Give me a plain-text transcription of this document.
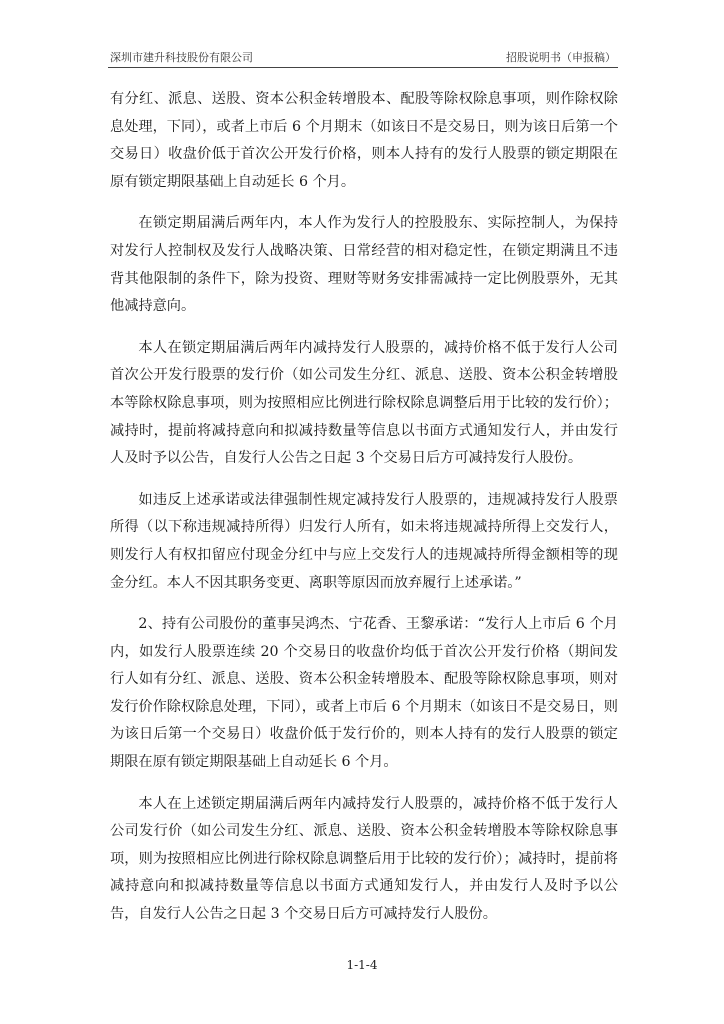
深圳市建升科技股份有限公司	招股说明书（申报稿）

有分红、派息、送股、资本公积金转增股本、配股等除权除息事项，则作除权除息处理，下同），或者上市后 6 个月期末（如该日不是交易日，则为该日后第一个交易日）收盘价低于首次公开发行价格，则本人持有的发行人股票的锁定期限在原有锁定期限基础上自动延长 6 个月。

在锁定期届满后两年内，本人作为发行人的控股股东、实际控制人，为保持对发行人控制权及发行人战略决策、日常经营的相对稳定性，在锁定期满且不违背其他限制的条件下，除为投资、理财等财务安排需减持一定比例股票外，无其他减持意向。

本人在锁定期届满后两年内减持发行人股票的，减持价格不低于发行人公司首次公开发行股票的发行价（如公司发生分红、派息、送股、资本公积金转增股本等除权除息事项，则为按照相应比例进行除权除息调整后用于比较的发行价）；减持时，提前将减持意向和拟减持数量等信息以书面方式通知发行人，并由发行人及时予以公告，自发行人公告之日起 3 个交易日后方可减持发行人股份。

如违反上述承诺或法律强制性规定减持发行人股票的，违规减持发行人股票所得（以下称违规减持所得）归发行人所有，如未将违规减持所得上交发行人，则发行人有权扣留应付现金分红中与应上交发行人的违规减持所得金额相等的现金分红。本人不因其职务变更、离职等原因而放弃履行上述承诺。”

2、持有公司股份的董事吴鸿杰、宁花香、王黎承诺：“发行人上市后 6 个月内，如发行人股票连续 20 个交易日的收盘价均低于首次公开发行价格（期间发行人如有分红、派息、送股、资本公积金转增股本、配股等除权除息事项，则对发行价作除权除息处理，下同），或者上市后 6 个月期末（如该日不是交易日，则为该日后第一个交易日）收盘价低于发行价的，则本人持有的发行人股票的锁定期限在原有锁定期限基础上自动延长 6 个月。

本人在上述锁定期届满后两年内减持发行人股票的，减持价格不低于发行人公司发行价（如公司发生分红、派息、送股、资本公积金转增股本等除权除息事项，则为按照相应比例进行除权除息调整后用于比较的发行价）；减持时，提前将减持意向和拟减持数量等信息以书面方式通知发行人，并由发行人及时予以公告，自发行人公告之日起 3 个交易日后方可减持发行人股份。

1-1-4
